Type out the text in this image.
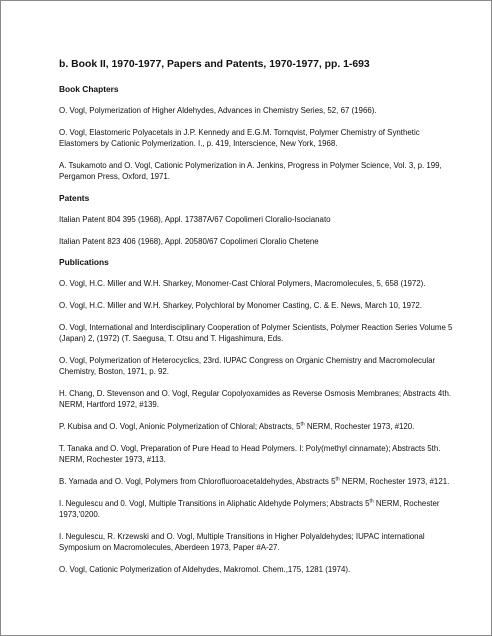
b. Book II, 1970-1977, Papers and Patents, 1970-1977, pp. 1-693
Book Chapters
O. Vogl, Polymerization of Higher Aldehydes, Advances in Chemistry Series, 52, 67 (1966).
O. Vogl, Elastomeric Polyacetals in J.P. Kennedy and E.G.M. Tornqvist, Polymer Chemistry of Synthetic Elastomers by Cationic Polymerization. I., p. 419, Interscience, New York, 1968.
A. Tsukamoto and O. Vogl, Cationic Polymerization in A. Jenkins, Progress in Polymer Science, Vol. 3, p. 199, Pergamon Press, Oxford, 1971.
Patents
Italian Patent 804 395 (1968), Appl. 17387A/67 Copolimeri Cloralio-Isocianato
Italian Patent 823 406 (1968), Appl. 20580/67 Copolimeri Cloralio Chetene
Publications
O. Vogl, H.C. Miller and W.H. Sharkey, Monomer-Cast Chloral Polymers, Macromolecules, 5, 658 (1972).
O. Vogl, H.C. Miller and W.H. Sharkey, Polychloral by Monomer Casting, C. & E. News, March 10, 1972.
O. Vogl, International and Interdisciplinary Cooperation of Polymer Scientists, Polymer Reaction Series Volume 5 (Japan) 2, (1972) (T. Saegusa, T. Otsu and T. Higashimura, Eds.
O. Vogl, Polymerization of Heterocyclics, 23rd. IUPAC Congress on Organic Chemistry and Macromolecular Chemistry, Boston, 1971, p. 92.
H. Chang, D. Stevenson and O. Vogl, Regular Copolyoxamides as Reverse Osmosis Membranes; Abstracts 4th. NERM, Hartford 1972, #139.
P. Kubisa and O. Vogl, Anionic Polymerization of Chloral; Abstracts, 5th NERM, Rochester 1973, #120.
T. Tanaka and O. Vogl, Preparation of Pure Head to Head Polymers. I: Poly(methyl cinnamate); Abstracts 5th. NERM, Rochester 1973, #113.
B. Yamada and O. Vogl, Polymers from Chlorofluoroacetaldehydes, Abstracts 5th NERM, Rochester 1973, #121.
I. Negulescu and 0. Vogl, Multiple Transitions in Aliphatic Aldehyde Polymers; Abstracts 5th NERM, Rochester 1973,'0200.
I. Negulescu, R. Krzewski and O. Vogl, Multiple Transitions in Higher Polyaldehydes; IUPAC international Symposium on Macromolecules, Aberdeen 1973, Paper #A-27.
O. Vogl, Cationic Polymerization of Aldehydes, Makromol. Chem.,175, 1281 (1974).
